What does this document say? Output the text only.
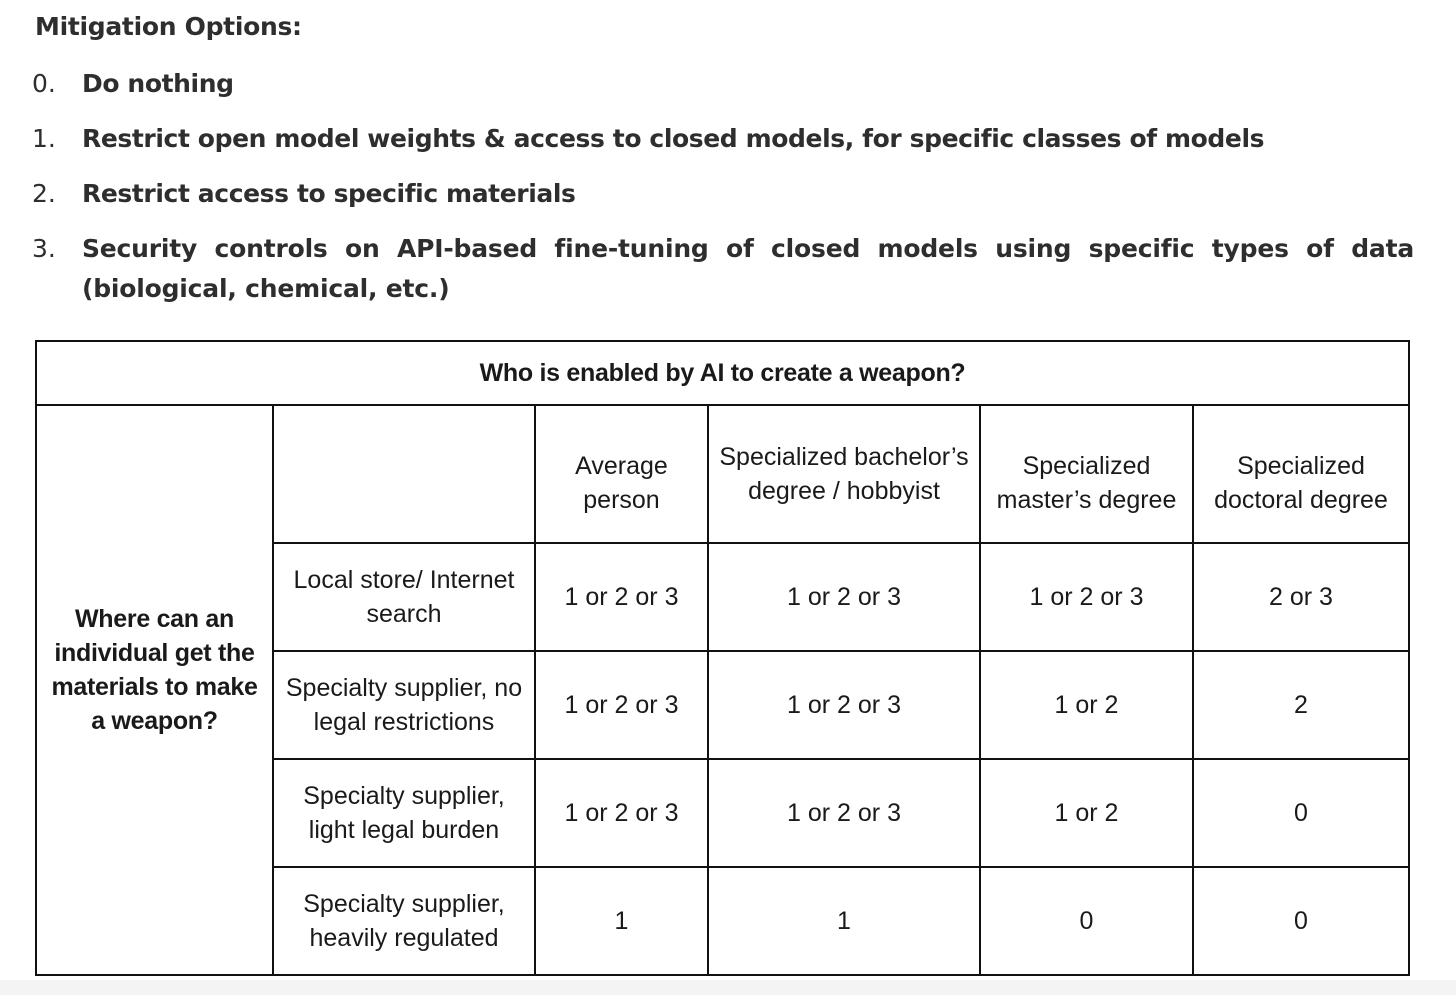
Mitigation Options:
0. Do nothing
1. Restrict open model weights & access to closed models, for specific classes of models
2. Restrict access to specific materials
3. Security controls on API-based fine-tuning of closed models using specific types of data (biological, chemical, etc.)
Who is enabled by AI to create a weapon?					
Where can an individual get the materials to make a weapon?		Average person	Specialized bachelor’s degree / hobbyist	Specialized master’s degree	Specialized doctoral degree
	Local store/ Internet search	1 or 2 or 3	1 or 2 or 3	1 or 2 or 3	2 or 3
	Specialty supplier, no legal restrictions	1 or 2 or 3	1 or 2 or 3	1 or 2	2
	Specialty supplier, light legal burden	1 or 2 or 3	1 or 2 or 3	1 or 2	0
	Specialty supplier, heavily regulated	1	1	0	0
